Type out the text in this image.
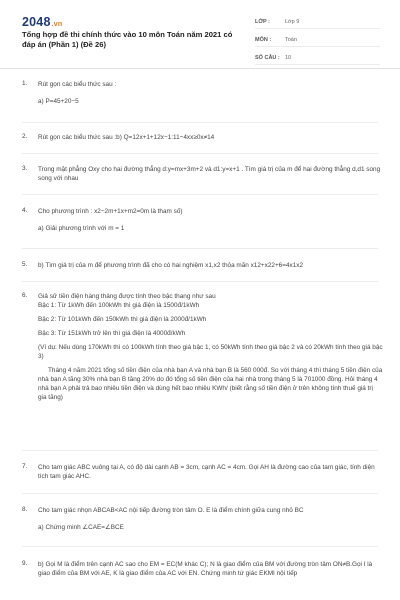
2048.vn
Tổng hợp đề thi chính thức vào 10 môn Toán năm 2021 có đáp án (Phần 1) (Đề 26)
LỚP :	Lớp 9
MÔN :	Toán
SỐ CÂU : 10
1. Rút gọn các biểu thức sau :

a) P=45+20−5

2. Rút gọn các biểu thức sau :b) Q=12x+1+12x−1:11−4xx≥0x≠14

3. Trong mặt phẳng Oxy cho hai đường thẳng d:y=mx+3m+2 và d1:y=x+1 . Tìm giá trị của m để hai đường thẳng d,d1 song song với nhau

4. Cho phương trình : x2−2m+1x+m2=0m là tham số)

a) Giải phương trình với m = 1

5. b) Tìm giá trị của m để phương trình đã cho có hai nghiệm x1,x2 thỏa mãn x12+x22+6=4x1x2

6. Giả sử tiền điện hàng tháng được tính theo bậc thang như sau

Bậc 1: Từ 1kWh đến 100kWh thì giá điện là 1500đ/1kWh

Bậc 2: Từ 101kWh đến 150kWh thì giá điện là 2000đ/1kWh

Bậc 3: Từ 151kWh trở lên thì giá điện là 4000đ/kWh

(Ví dụ: Nếu dùng 170kWh thì có 100kWh tính theo giá bậc 1, có 50kWh tính theo giá bậc 2 và có 20kWh tính theo giá bậc 3)

Tháng 4 năm 2021 tổng số tiền điện của nhà bạn A và nhà bạn B là 560 000đ. So với tháng 4 thì tháng 5 tiền điện của nhà bạn A tăng 30% nhà bạn B tăng 20% do đó tổng số tiền điện của hai nhà trong tháng 5 là 701000 đồng. Hỏi tháng 4 nhà bạn A phải trả bao nhiêu tiền điện và dùng hết bao nhiêu KWh/ (biết rằng số tiền điện ở trên không tính thuế giá trị gia tăng)

7. Cho tam giác ABC vuông tại A, có độ dài cạnh AB = 3cm, cạnh AC = 4cm. Gọi AH là đường cao của tam giác, tính diện tích tam giác AHC.

8. Cho tam giác nhọn ABCAB<AC nội tiếp đường tròn tâm O. E là điểm chính giữa cung nhỏ BC

a) Chứng minh ∠CAE=∠BCE

9. b) Gọi M là điểm trên cạnh AC sao cho EM = EC(M khác C); N là giao điểm của BM với đường tròn tâm ON≠B.Gọi I là giao điểm của BM với AE, K là giao điểm của AC với EN. Chứng minh tứ giác EKMI nội tiếp
